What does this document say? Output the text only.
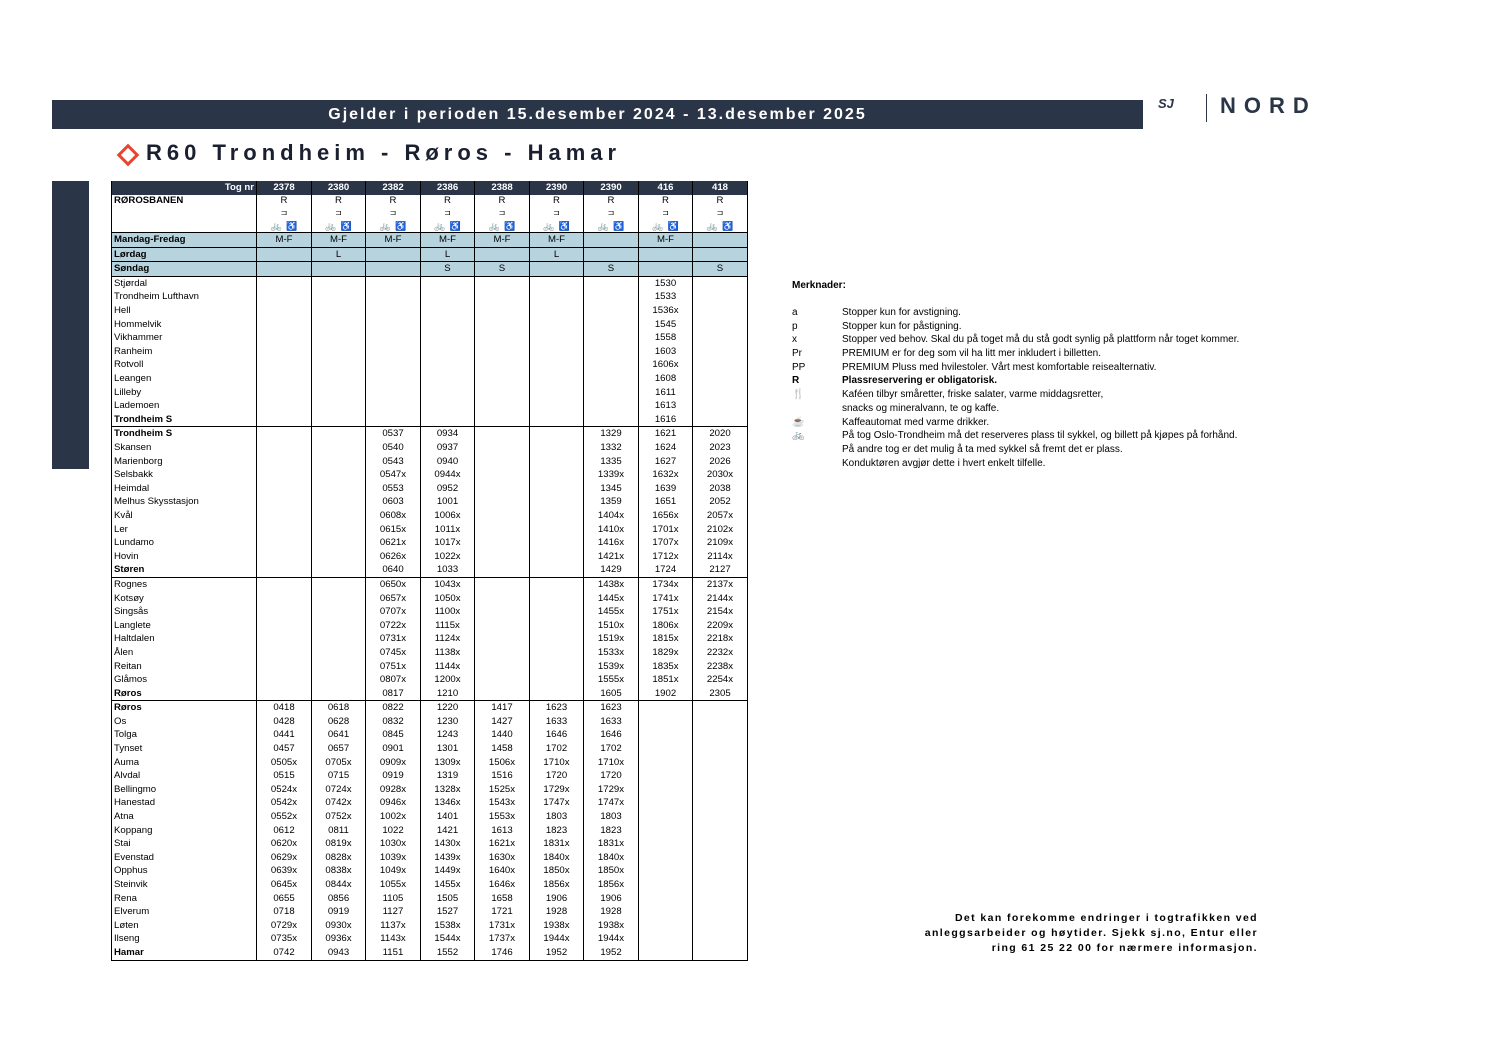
Gjelder i perioden 15.desember 2024 - 13.desember 2025
SJ NORD
R60 Trondheim - Røros - Hamar
Tog nr	2378	2380	2382	2386	2388	2390	2390	416	418
RØROSBANEN	R	R	R	R	R	R	R	R	R
	⊐	⊐	⊐	⊐	⊐	⊐	⊐	⊐	⊐
	🚲 ♿	🚲 ♿	🚲 ♿	🚲 ♿	🚲 ♿	🚲 ♿	🚲 ♿	🚲 ♿	🚲 ♿
Mandag-Fredag	M-F	M-F	M-F	M-F	M-F	M-F		M-F	
Lørdag		L		L		L			
Søndag				S	S		S		S
Stjørdal								1530	
Trondheim Lufthavn								1533	
Hell								1536x	
Hommelvik								1545	
Vikhammer								1558	
Ranheim								1603	
Rotvoll								1606x	
Leangen								1608	
Lilleby								1611	
Lademoen								1613	
Trondheim S								1616	
Trondheim S			0537	0934			1329	1621	2020
Skansen			0540	0937			1332	1624	2023
Marienborg			0543	0940			1335	1627	2026
Selsbakk			0547x	0944x			1339x	1632x	2030x
Heimdal			0553	0952			1345	1639	2038
Melhus Skysstasjon			0603	1001			1359	1651	2052
Kvål			0608x	1006x			1404x	1656x	2057x
Ler			0615x	1011x			1410x	1701x	2102x
Lundamo			0621x	1017x			1416x	1707x	2109x
Hovin			0626x	1022x			1421x	1712x	2114x
Støren			0640	1033			1429	1724	2127
Rognes			0650x	1043x			1438x	1734x	2137x
Kotsøy			0657x	1050x			1445x	1741x	2144x
Singsås			0707x	1100x			1455x	1751x	2154x
Langlete			0722x	1115x			1510x	1806x	2209x
Haltdalen			0731x	1124x			1519x	1815x	2218x
Ålen			0745x	1138x			1533x	1829x	2232x
Reitan			0751x	1144x			1539x	1835x	2238x
Glåmos			0807x	1200x			1555x	1851x	2254x
Røros			0817	1210			1605	1902	2305
Røros	0418	0618	0822	1220	1417	1623	1623		
Os	0428	0628	0832	1230	1427	1633	1633		
Tolga	0441	0641	0845	1243	1440	1646	1646		
Tynset	0457	0657	0901	1301	1458	1702	1702		
Auma	0505x	0705x	0909x	1309x	1506x	1710x	1710x		
Alvdal	0515	0715	0919	1319	1516	1720	1720		
Bellingmo	0524x	0724x	0928x	1328x	1525x	1729x	1729x		
Hanestad	0542x	0742x	0946x	1346x	1543x	1747x	1747x		
Atna	0552x	0752x	1002x	1401	1553x	1803	1803		
Koppang	0612	0811	1022	1421	1613	1823	1823		
Stai	0620x	0819x	1030x	1430x	1621x	1831x	1831x		
Evenstad	0629x	0828x	1039x	1439x	1630x	1840x	1840x		
Opphus	0639x	0838x	1049x	1449x	1640x	1850x	1850x		
Steinvik	0645x	0844x	1055x	1455x	1646x	1856x	1856x		
Rena	0655	0856	1105	1505	1658	1906	1906		
Elverum	0718	0919	1127	1527	1721	1928	1928		
Løten	0729x	0930x	1137x	1538x	1731x	1938x	1938x		
Ilseng	0735x	0936x	1143x	1544x	1737x	1944x	1944x		
Hamar	0742	0943	1151	1552	1746	1952	1952		
Merknader:
a	Stopper kun for avstigning.
p	Stopper kun for påstigning.
x	Stopper ved behov. Skal du på toget må du stå godt synlig på plattform når toget kommer.
Pr	PREMIUM er for deg som vil ha litt mer inkludert i billetten.
PP	PREMIUM Pluss med hvilestoler. Vårt mest komfortable reisealternativ.
R	Plassreservering er obligatorisk.
🍴	Kaféen tilbyr småretter, friske salater, varme middagsretter,
snacks og mineralvann, te og kaffe.
☕	Kaffeautomat med varme drikker.
🚲	På tog Oslo-Trondheim må det reserveres plass til sykkel, og billett på kjøpes på forhånd.
På andre tog er det mulig å ta med sykkel så fremt det er plass.
Konduktøren avgjør dette i hvert enkelt tilfelle.
Det kan forekomme endringer i togtrafikken ved
anleggsarbeider og høytider. Sjekk sj.no, Entur eller
ring 61 25 22 00 for nærmere informasjon.
